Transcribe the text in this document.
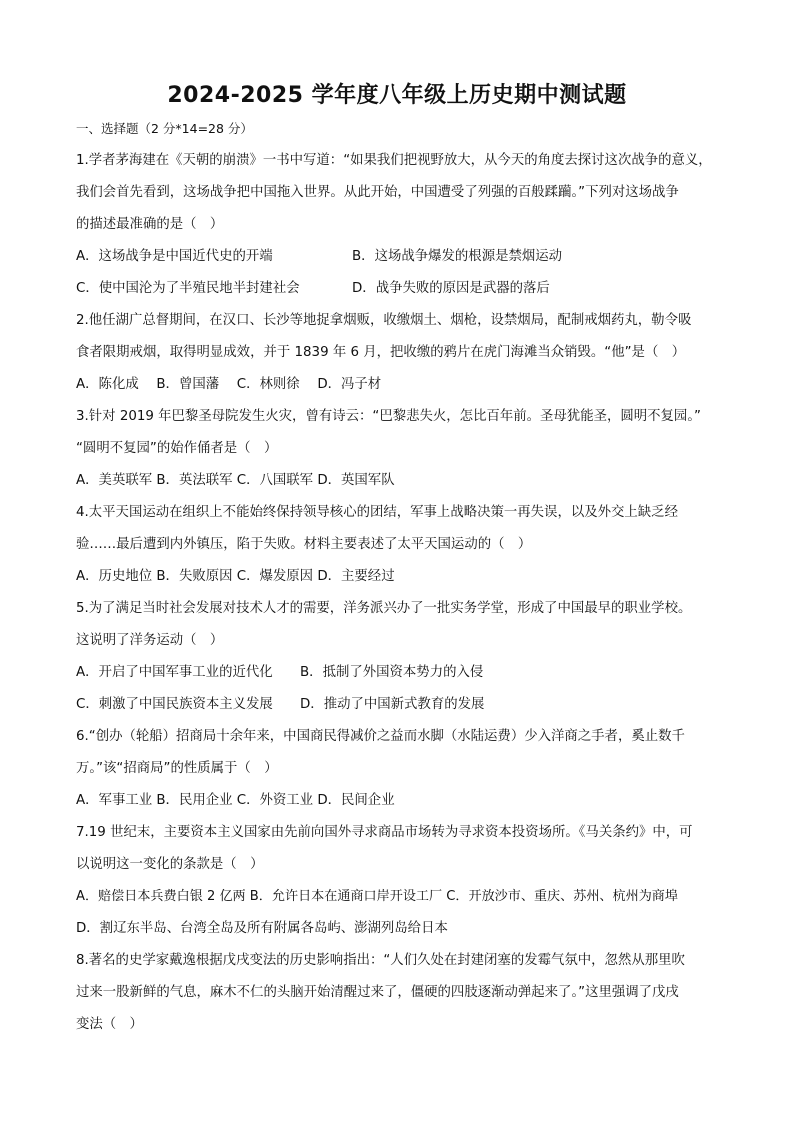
2024-2025 学年度八年级上历史期中测试题
一、选择题（2 分*14=28 分）
1.学者茅海建在《天朝的崩溃》一书中写道：“如果我们把视野放大，从今天的角度去探讨这次战争的意义，
我们会首先看到，这场战争把中国拖入世界。从此开始，中国遭受了列强的百般蹂躏。”下列对这场战争
的描述最准确的是（　）
A．这场战争是中国近代史的开端	B．这场战争爆发的根源是禁烟运动
C．使中国沦为了半殖民地半封建社会	D．战争失败的原因是武器的落后
2.他任湖广总督期间，在汉口、长沙等地捉拿烟贩，收缴烟土、烟枪，设禁烟局，配制戒烟药丸，勒令吸
食者限期戒烟，取得明显成效，并于 1839 年 6 月，把收缴的鸦片在虎门海滩当众销毁。“他”是（　）
A．陈化成　 B．曾国藩　 C．林则徐　 D．冯子材
3.针对 2019 年巴黎圣母院发生火灾，曾有诗云：“巴黎悲失火，怎比百年前。圣母犹能圣，圆明不复园。”
“圆明不复园”的始作俑者是（　）
A．美英联军 B．英法联军 C．八国联军 D．英国军队
4.太平天国运动在组织上不能始终保持领导核心的团结，军事上战略决策一再失误，以及外交上缺乏经
验……最后遭到内外镇压，陷于失败。材料主要表述了太平天国运动的（　）
A．历史地位 B．失败原因 C．爆发原因 D．主要经过
5.为了满足当时社会发展对技术人才的需要，洋务派兴办了一批实务学堂，形成了中国最早的职业学校。
这说明了洋务运动（　）
A．开启了中国军事工业的近代化 B．抵制了外国资本势力的入侵
C．刺激了中国民族资本主义发展 D．推动了中国新式教育的发展
6.“创办（轮船）招商局十余年来，中国商民得减价之益而水脚（水陆运费）少入洋商之手者，奚止数千
万。”该“招商局”的性质属于（　）
A．军事工业 B．民用企业 C．外资工业 D．民间企业
7.19 世纪末，主要资本主义国家由先前向国外寻求商品市场转为寻求资本投资场所。《马关条约》中，可
以说明这一变化的条款是（　）
A．赔偿日本兵费白银 2 亿两 B．允许日本在通商口岸开设工厂 C．开放沙市、重庆、苏州、杭州为商埠
D．割辽东半岛、台湾全岛及所有附属各岛屿、澎湖列岛给日本
8.著名的史学家戴逸根据戊戌变法的历史影响指出：“人们久处在封建闭塞的发霉气氛中，忽然从那里吹
过来一股新鲜的气息，麻木不仁的头脑开始清醒过来了，僵硬的四肢逐渐动弹起来了。”这里强调了戊戌
变法（　）
